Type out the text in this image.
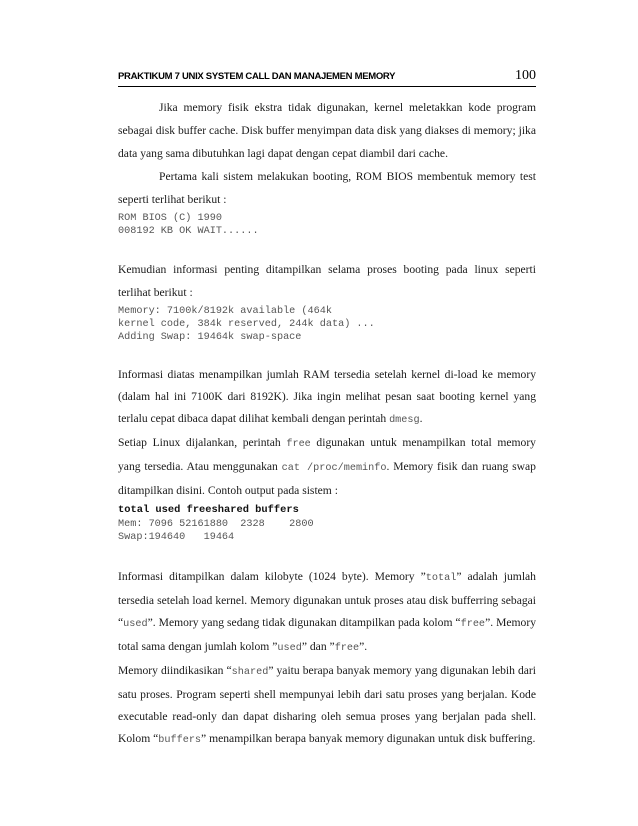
PRAKTIKUM 7 UNIX SYSTEM CALL DAN MANAJEMEN MEMORY	100

Jika memory fisik ekstra tidak digunakan, kernel meletakkan kode program sebagai disk buffer cache. Disk buffer menyimpan data disk yang diakses di memory; jika data yang sama dibutuhkan lagi dapat dengan cepat diambil dari cache.

Pertama kali sistem melakukan booting, ROM BIOS membentuk memory test seperti terlihat berikut :

ROM BIOS (C) 1990
008192 KB OK WAIT......

Kemudian informasi penting ditampilkan selama proses booting pada linux seperti terlihat berikut :

Memory: 7100k/8192k available (464k
kernel code, 384k reserved, 244k data) ...
Adding Swap: 19464k swap-space

Informasi diatas menampilkan jumlah RAM tersedia setelah kernel di-load ke memory (dalam hal ini 7100K dari 8192K). Jika ingin melihat pesan saat booting kernel yang terlalu cepat dibaca dapat dilihat kembali dengan perintah dmesg.

Setiap Linux dijalankan, perintah free digunakan untuk menampilkan total memory yang tersedia. Atau menggunakan cat /proc/meminfo. Memory fisik dan ruang swap ditampilkan disini. Contoh output pada sistem :

total used freeshared buffers
Mem: 7096 52161880  2328    2800
Swap:194640   19464

Informasi ditampilkan dalam kilobyte (1024 byte). Memory ”total” adalah jumlah tersedia setelah load kernel. Memory digunakan untuk proses atau disk bufferring sebagai “used”. Memory yang sedang tidak digunakan ditampilkan pada kolom “free”. Memory total sama dengan jumlah kolom ”used” dan ”free”.

Memory diindikasikan “shared” yaitu berapa banyak memory yang digunakan lebih dari satu proses. Program seperti shell mempunyai lebih dari satu proses yang berjalan. Kode executable read-only dan dapat disharing oleh semua proses yang berjalan pada shell. Kolom “buffers” menampilkan berapa banyak memory digunakan untuk disk buffering.
